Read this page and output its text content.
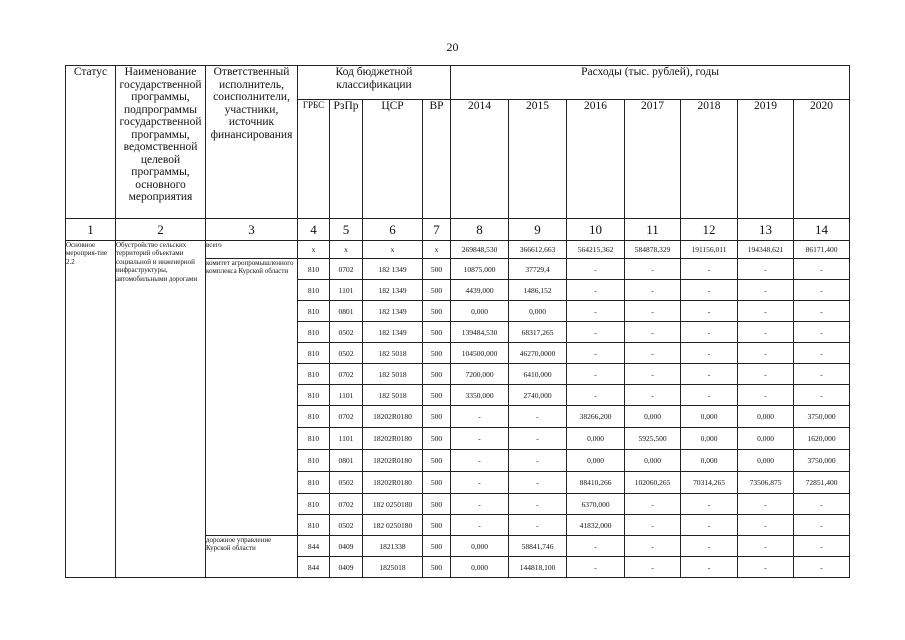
20
Статус	Наименование государственной программы, подпрограммы государственной программы, ведомственной целевой программы, основного мероприятия	Ответственный исполнитель, соисполнители, участники, источник финансирования	Код бюджетной классификации				Расходы (тыс. рублей), годы						
			ГРБС	РзПр	ЦСР	ВР	2014	2015	2016	2017	2018	2019	2020
1	2	3	4	5	6	7	8	9	10	11	12	13	14
Основное мероприя-тие 2.2	Обустройство сельских территорий объектами социальной и инженерной инфраструктуры, автомобильными дорогами	всего	x	x	x	x	269848,530	366612,663	564215,362	584878,329	191156,011	194348,621	86171,400
		комитет агропромышленного комплекса Курской области	810	0702	182 1349	500	10875,000	37729,4	-	-	-	-	-
			810	1101	182 1349	500	4439,000	1486,152	-	-	-	-	-
			810	0801	182 1349	500	0,000	0,000	-	-	-	-	-
			810	0502	182 1349	500	139484,530	68317,265	-	-	-	-	-
			810	0502	182 5018	500	104500,000	46270,0000	-	-	-	-	-
			810	0702	182 5018	500	7200,000	6410,000	-	-	-	-	-
			810	1101	182 5018	500	3350,000	2740,000	-	-	-	-	-
			810	0702	18202R0180	500	-	-	38266,200	0,000	0,000	0,000	3750,000
			810	1101	18202R0180	500	-	-	0,000	5925,500	0,000	0,000	1620,000
			810	0801	18202R0180	500	-	-	0,000	0,000	0,000	0,000	3750,000
			810	0502	18202R0180	500	-	-	88410,266	102060,265	70314,265	73506,875	72851,400
			810	0702	182 0250180	500	-	-	6370,000	-	-	-	-
			810	0502	182 0250180	500	-	-	41832,000	-	-	-	-
		дорожное управление Курской области	844	0409	1821338	500	0,000	58841,746	-	-	-	-	-
			844	0409	1825018	500	0,000	144818,100	-	-	-	-	-
